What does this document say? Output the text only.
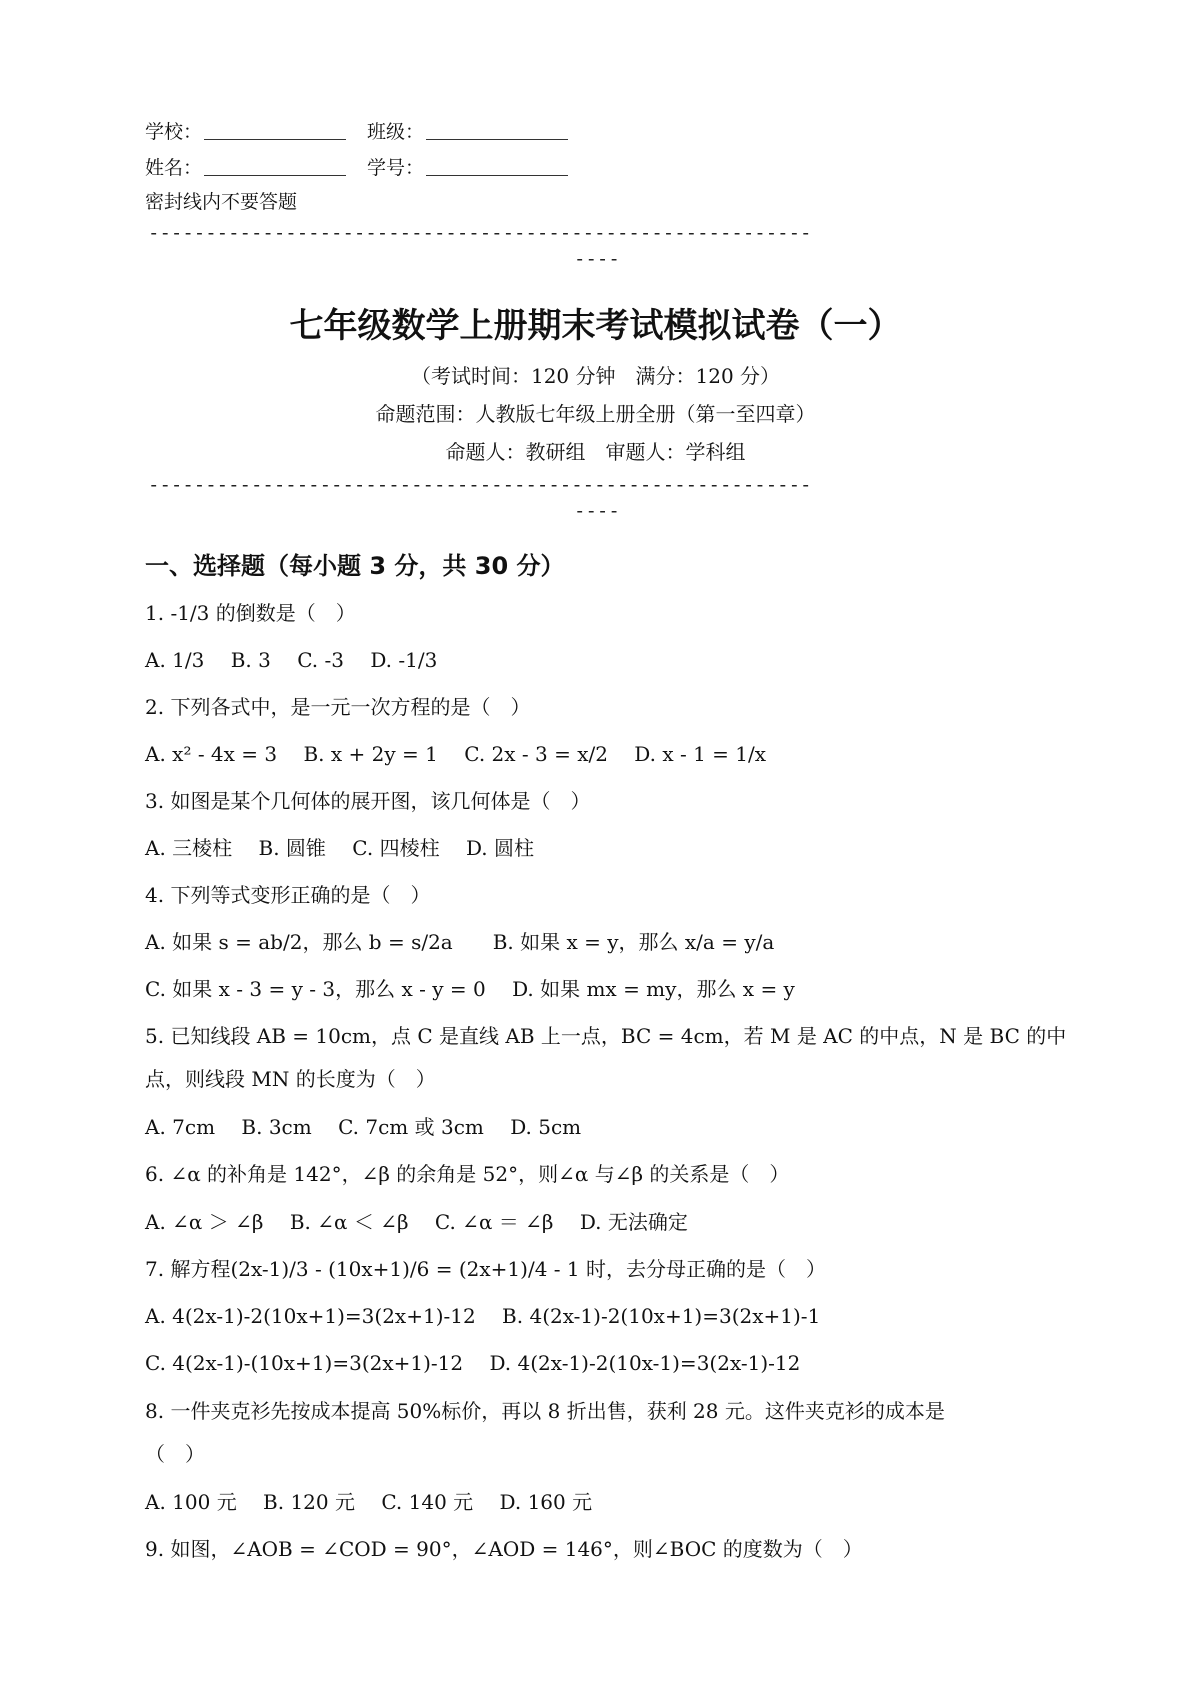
学校：	班级：
姓名：	学号：
密封线内不要答题
----------------------------------------------------------
----
七年级数学上册期末考试模拟试卷（一）
（考试时间：120 分钟　满分：120 分）
命题范围：人教版七年级上册全册（第一至四章）
命题人：教研组　审题人：学科组
----------------------------------------------------------
----
一、选择题（每小题 3 分，共 30 分）
1. -1/3 的倒数是（　）
A. 1/3　 B. 3　 C. -3　 D. -1/3
2. 下列各式中，是一元一次方程的是（　）
A. x² - 4x = 3　 B. x + 2y = 1　 C. 2x - 3 = x/2　 D. x - 1 = 1/x
3. 如图是某个几何体的展开图，该几何体是（　）
A. 三棱柱　 B. 圆锥　 C. 四棱柱　 D. 圆柱
4. 下列等式变形正确的是（　）
A. 如果 s = ab/2，那么 b = s/2a　　B. 如果 x = y，那么 x/a = y/a
C. 如果 x - 3 = y - 3，那么 x - y = 0　 D. 如果 mx = my，那么 x = y
5. 已知线段 AB = 10cm，点 C 是直线 AB 上一点，BC = 4cm，若 M 是 AC 的中点，N 是 BC 的中
点，则线段 MN 的长度为（　）
A. 7cm　 B. 3cm　 C. 7cm 或 3cm　 D. 5cm
6. ∠α 的补角是 142°，∠β 的余角是 52°，则∠α 与∠β 的关系是（　）
A. ∠α ＞ ∠β　 B. ∠α ＜ ∠β　 C. ∠α ＝ ∠β　 D. 无法确定
7. 解方程(2x-1)/3 - (10x+1)/6 = (2x+1)/4 - 1 时，去分母正确的是（　）
A. 4(2x-1)-2(10x+1)=3(2x+1)-12　 B. 4(2x-1)-2(10x+1)=3(2x+1)-1
C. 4(2x-1)-(10x+1)=3(2x+1)-12　 D. 4(2x-1)-2(10x-1)=3(2x-1)-12
8. 一件夹克衫先按成本提高 50%标价，再以 8 折出售，获利 28 元。这件夹克衫的成本是
（　）
A. 100 元　 B. 120 元　 C. 140 元　 D. 160 元
9. 如图，∠AOB = ∠COD = 90°，∠AOD = 146°，则∠BOC 的度数为（　）
